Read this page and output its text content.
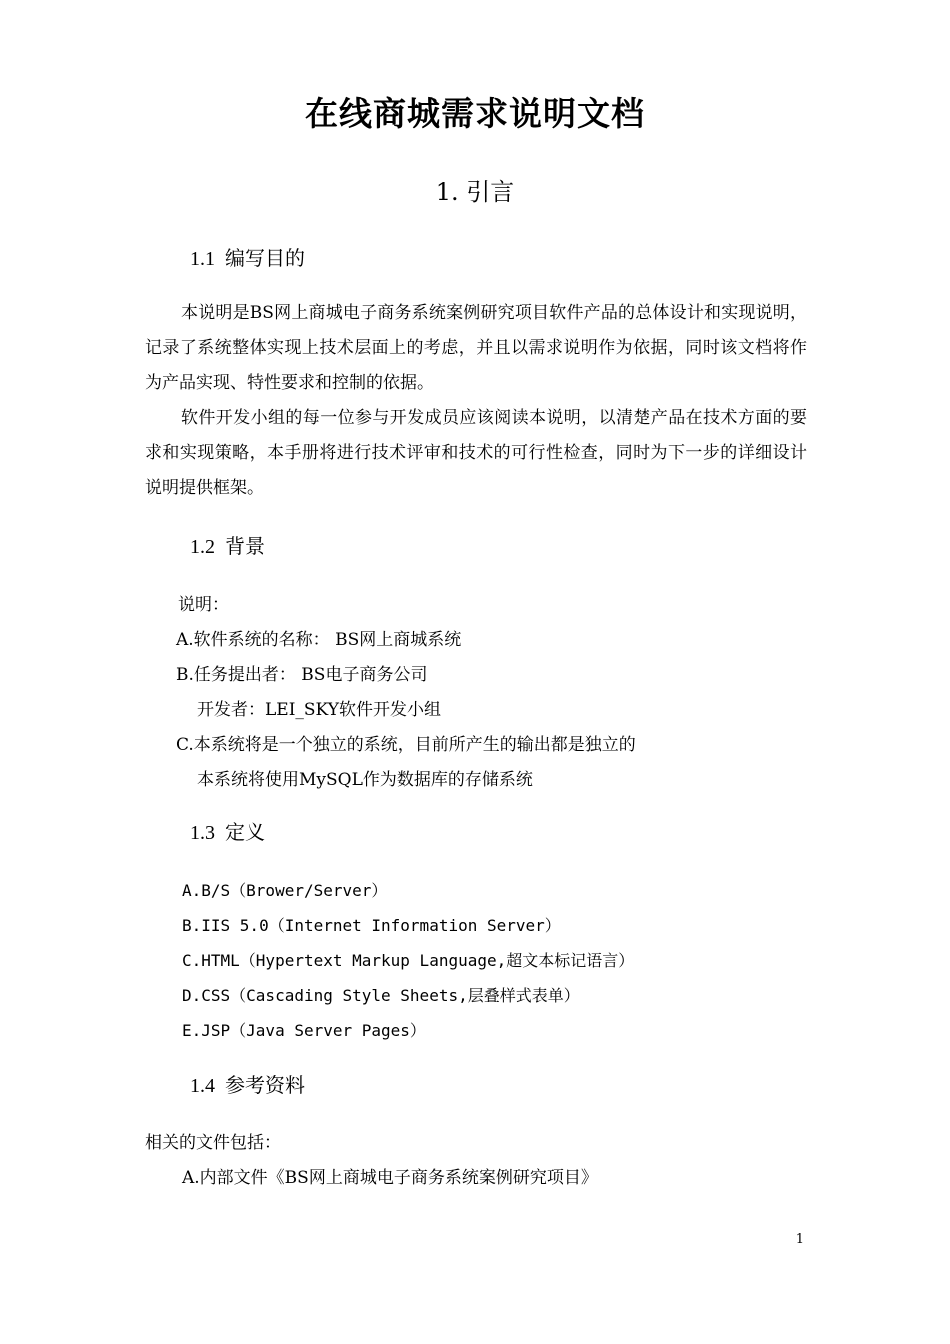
在线商城需求说明文档
1. 引言
1.1 编写目的

本说明是BS网上商城电子商务系统案例研究项目软件产品的总体设计和实现说明，记录了系统整体实现上技术层面上的考虑，并且以需求说明作为依据，同时该文档将作为产品实现、特性要求和控制的依据。

软件开发小组的每一位参与开发成员应该阅读本说明，以清楚产品在技术方面的要求和实现策略，本手册将进行技术评审和技术的可行性检查，同时为下一步的详细设计说明提供框架。

1.2 背景
说明：
A.软件系统的名称： BS网上商城系统
B.任务提出者： BS电子商务公司
开发者：LEI_SKY软件开发小组
C.本系统将是一个独立的系统，目前所产生的输出都是独立的
本系统将使用MySQL作为数据库的存储系统
1.3 定义
A.B/S（Brower/Server）
B.IIS 5.0（Internet Information Server）
C.HTML（Hypertext Markup Language,超文本标记语言）
D.CSS（Cascading Style Sheets,层叠样式表单）
E.JSP（Java Server Pages）
1.4 参考资料
相关的文件包括：
A.内部文件《BS网上商城电子商务系统案例研究项目》
1
